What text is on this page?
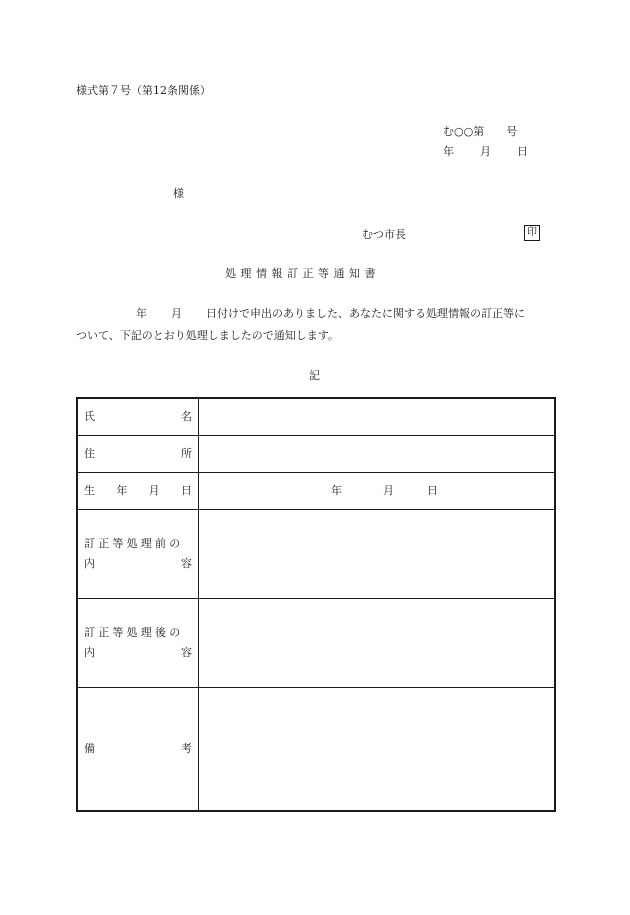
様式第７号（第12条関係）
む○○第 号
年 月 日
様
むつ市長	印
処理情報訂正等通知書
年 月 日付けで申出のありました、あなたに関する処理情報の訂正等に
ついて、下記のとおり処理しましたので通知します。
記
氏 名	

住 所	

生 年 月 日	年 月 日

訂正等処理前の
内 容	

訂正等処理後の
内 容	

備 考	
